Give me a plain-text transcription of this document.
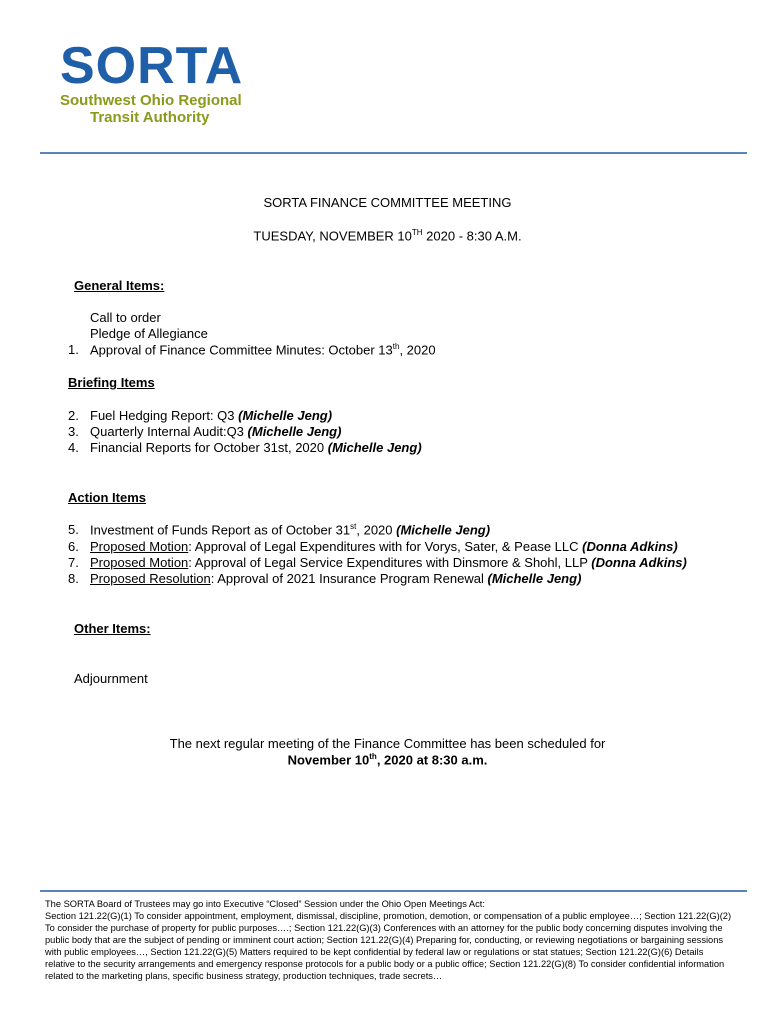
SORTA
Southwest Ohio Regional
Transit Authority
SORTA FINANCE COMMITTEE MEETING
TUESDAY, NOVEMBER 10TH 2020 - 8:30 A.M.
General Items:
Call to order
Pledge of Allegiance
1. Approval of Finance Committee Minutes: October 13th, 2020
Briefing Items
2. Fuel Hedging Report: Q3 (Michelle Jeng)
3. Quarterly Internal Audit:Q3 (Michelle Jeng)
4. Financial Reports for October 31st, 2020 (Michelle Jeng)
Action Items
5. Investment of Funds Report as of October 31st, 2020 (Michelle Jeng)
6. Proposed Motion: Approval of Legal Expenditures with for Vorys, Sater, & Pease LLC (Donna Adkins)
7. Proposed Motion: Approval of Legal Service Expenditures with Dinsmore & Shohl, LLP (Donna Adkins)
8. Proposed Resolution: Approval of 2021 Insurance Program Renewal (Michelle Jeng)
Other Items:
Adjournment
The next regular meeting of the Finance Committee has been scheduled for
November 10th, 2020 at 8:30 a.m.
The SORTA Board of Trustees may go into Executive “Closed” Session under the Ohio Open Meetings Act:
Section 121.22(G)(1) To consider appointment, employment, dismissal, discipline, promotion, demotion, or compensation of a public employee…; Section 121.22(G)(2) To consider the purchase of property for public purposes….; Section 121.22(G)(3) Conferences with an attorney for the public body concerning disputes involving the public body that are the subject of pending or imminent court action; Section 121.22(G)(4) Preparing for, conducting, or reviewing negotiations or bargaining sessions with public employees…, Section 121.22(G)(5) Matters required to be kept confidential by federal law or regulations or stat statues; Section 121.22(G)(6) Details relative to the security arrangements and emergency response protocols for a public body or a public office; Section 121.22(G)(8) To consider confidential information related to the marketing plans, specific business strategy, production techniques, trade secrets…
